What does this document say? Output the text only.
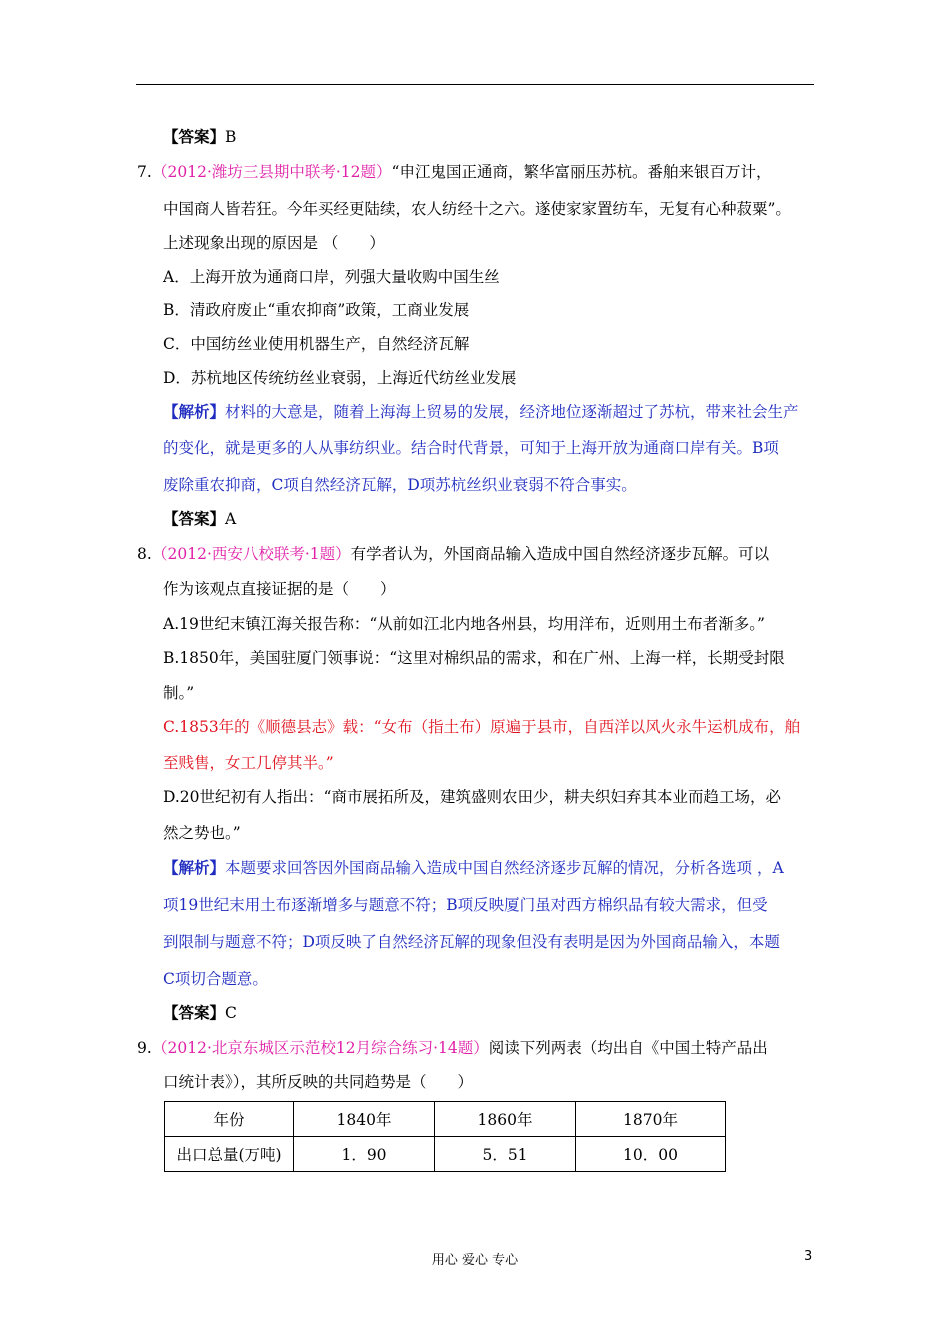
【答案】B
7. （2012·潍坊三县期中联考·12题）“申江鬼国正通商，繁华富丽压苏杭。番舶来银百万计，
中国商人皆若狂。今年买经更陆续，农人纺经十之六。遂使家家置纺车，无复有心种菽粟”。
上述现象出现的原因是 （　　）
A．上海开放为通商口岸，列强大量收购中国生丝
B．清政府废止“重农抑商”政策，工商业发展
C．中国纺丝业使用机器生产，自然经济瓦解
D．苏杭地区传统纺丝业衰弱，上海近代纺丝业发展
【解析】材料的大意是，随着上海海上贸易的发展，经济地位逐渐超过了苏杭，带来社会生产
的变化，就是更多的人从事纺织业。结合时代背景，可知于上海开放为通商口岸有关。B项
废除重农抑商，C项自然经济瓦解，D项苏杭丝织业衰弱不符合事实。
【答案】A
8. （2012·西安八校联考·1题）有学者认为，外国商品输入造成中国自然经济逐步瓦解。可以
作为该观点直接证据的是（　　）
A.19世纪末镇江海关报告称：“从前如江北内地各州县，均用洋布，近则用土布者渐多。”
B.1850年，美国驻厦门领事说：“这里对棉织品的需求，和在广州、上海一样，长期受封限
制。”
C.1853年的《顺德县志》载：“女布（指土布）原遍于县市，自西洋以风火永牛运机成布，舶
至贱售，女工几停其半。”
D.20世纪初有人指出：“商市展拓所及，建筑盛则农田少，耕夫织妇弃其本业而趋工场，必
然之势也。”
【解析】本题要求回答因外国商品输入造成中国自然经济逐步瓦解的情况，分析各选项 ，A
项19世纪末用土布逐渐增多与题意不符；B项反映厦门虽对西方棉织品有较大需求，但受
到限制与题意不符；D项反映了自然经济瓦解的现象但没有表明是因为外国商品输入，本题
C项切合题意。
【答案】C
9. （2012·北京东城区示范校12月综合练习·14题）阅读下列两表（均出自《中国土特产品出
口统计表》），其所反映的共同趋势是（　　）
年份	1840年	1860年	1870年
出口总量(万吨)	1．90	5．51	10．00
用心 爱心 专心	3
